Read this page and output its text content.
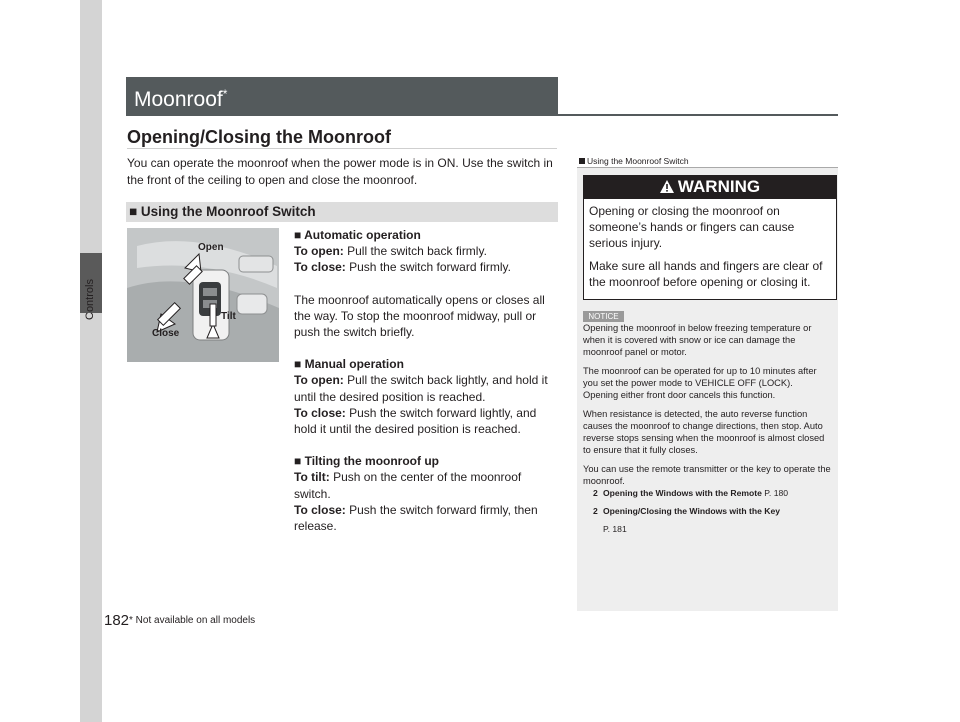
Controls
182
Moonroof*
Opening/Closing the Moonroof
You can operate the moonroof when the power mode is in ON. Use the switch in the front of the ceiling to open and close the moonroof.
■ Using the Moonroof Switch
Open
Close
Tilt

■ Automatic operation

To open: Pull the switch back firmly.

To close: Push the switch forward firmly.

The moonroof automatically opens or closes all the way. To stop the moonroof midway, pull or push the switch briefly.

■ Manual operation

To open: Pull the switch back lightly, and hold it until the desired position is reached.

To close: Push the switch forward lightly, and hold it until the desired position is reached.

■ Tilting the moonroof up

To tilt: Push on the center of the moonroof switch.

To close: Push the switch forward firmly, then release.

Using the Moonroof Switch
WARNING

Opening or closing the moonroof on someone’s hands or fingers can cause serious injury.

Make sure all hands and fingers are clear of the moonroof before opening or closing it.

NOTICE

Opening the moonroof in below freezing temperature or when it is covered with snow or ice can damage the moonroof panel or motor.

The moonroof can be operated for up to 10 minutes after you set the power mode to VEHICLE OFF (LOCK).

Opening either front door cancels this function.

When resistance is detected, the auto reverse function causes the moonroof to change directions, then stop. Auto reverse stops sensing when the moonroof is almost closed to ensure that it fully closes.

You can use the remote transmitter or the key to operate the moonroof.

2 Opening the Windows with the Remote P. 180

2 Opening/Closing the Windows with the Key

P. 181

* Not available on all models
